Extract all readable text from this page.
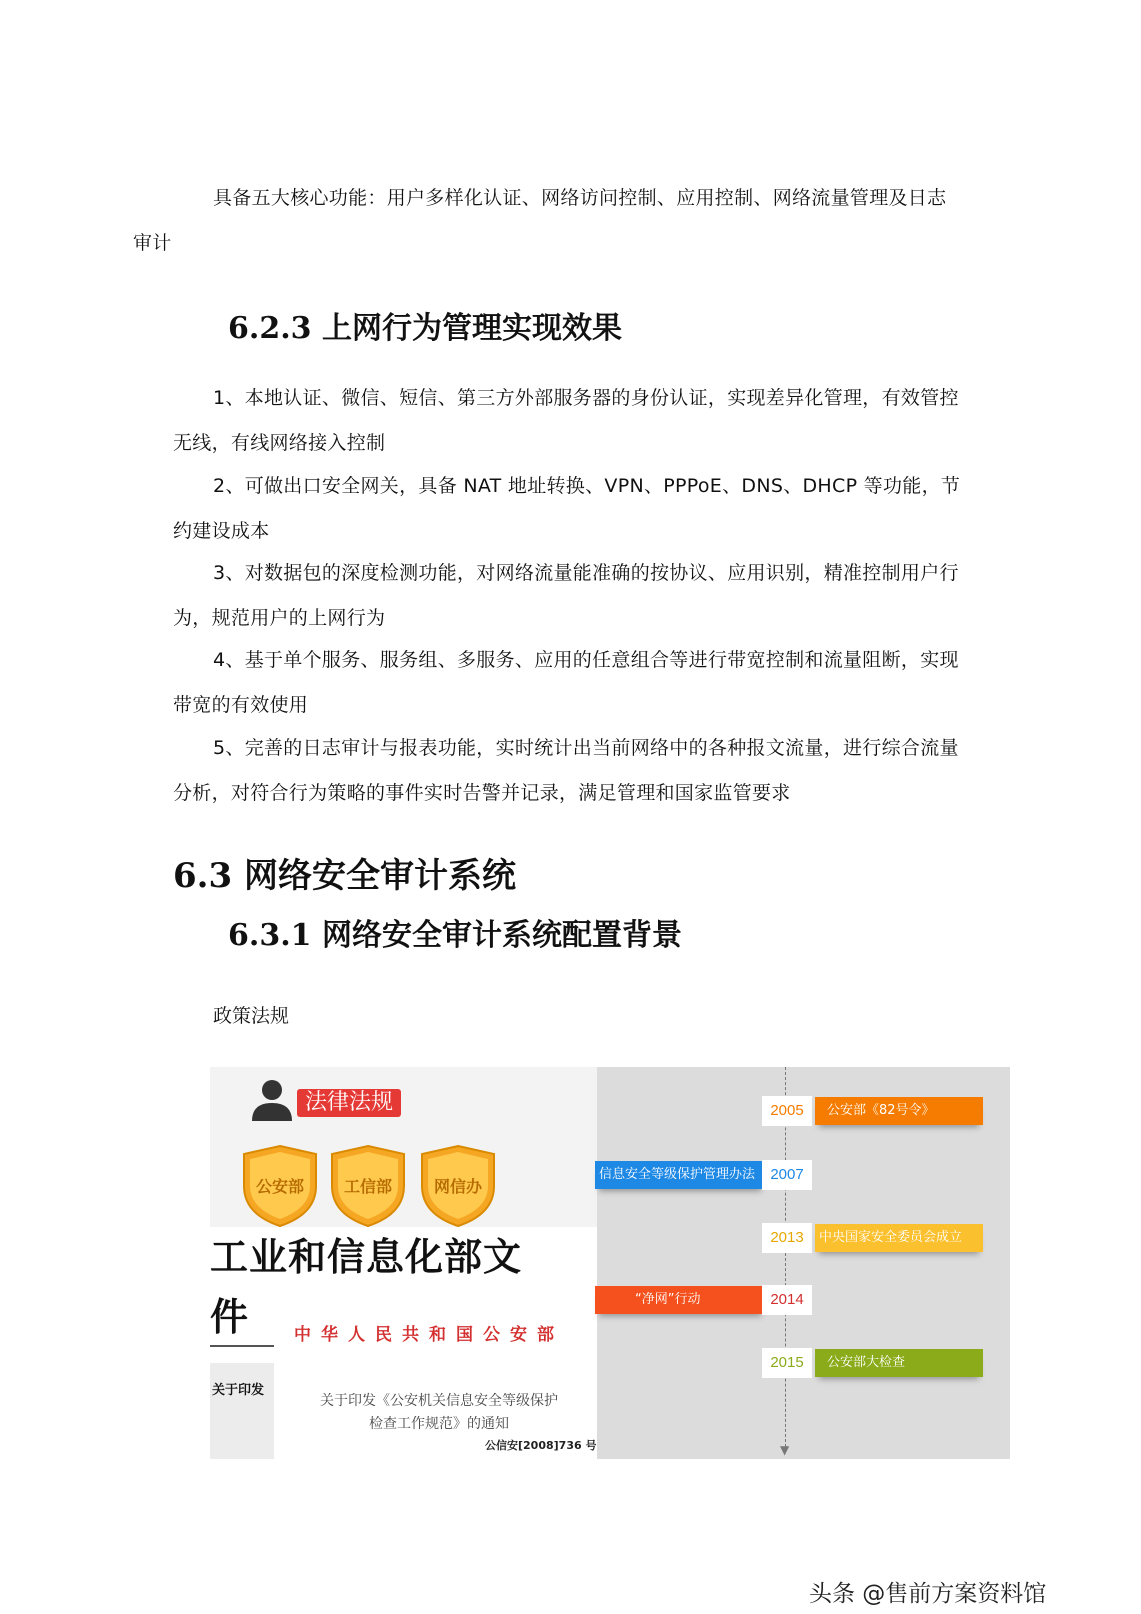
具备五大核心功能：用户多样化认证、网络访问控制、应用控制、网络流量管理及日志
审计
6.2.3 上网行为管理实现效果
1、本地认证、微信、短信、第三方外部服务器的身份认证，实现差异化管理，有效管控无线，有线网络接入控制
2、可做出口安全网关，具备 NAT 地址转换、VPN、PPPoE、DNS、DHCP 等功能，节约建设成本
3、对数据包的深度检测功能，对网络流量能准确的按协议、应用识别，精准控制用户行为，规范用户的上网行为
4、基于单个服务、服务组、多服务、应用的任意组合等进行带宽控制和流量阻断，实现带宽的有效使用
5、完善的日志审计与报表功能，实时统计出当前网络中的各种报文流量，进行综合流量分析，对符合行为策略的事件实时告警并记录，满足管理和国家监管要求
6.3 网络安全审计系统
6.3.1 网络安全审计系统配置背景
政策法规
法律法规
公安部	工信部	网信办
工业和信息化部文件	中华人民共和国公安部
关于印发
关于印发《公安机关信息安全等级保护
检查工作规范》的通知
公信安[2008]736 号	▼
2005	公安部《82号令》
信息安全等级保护管理办法	2007
2013	中央国家安全委员会成立
“净网”行动	2014
2015	公安部大检查
头条 @售前方案资料馆
